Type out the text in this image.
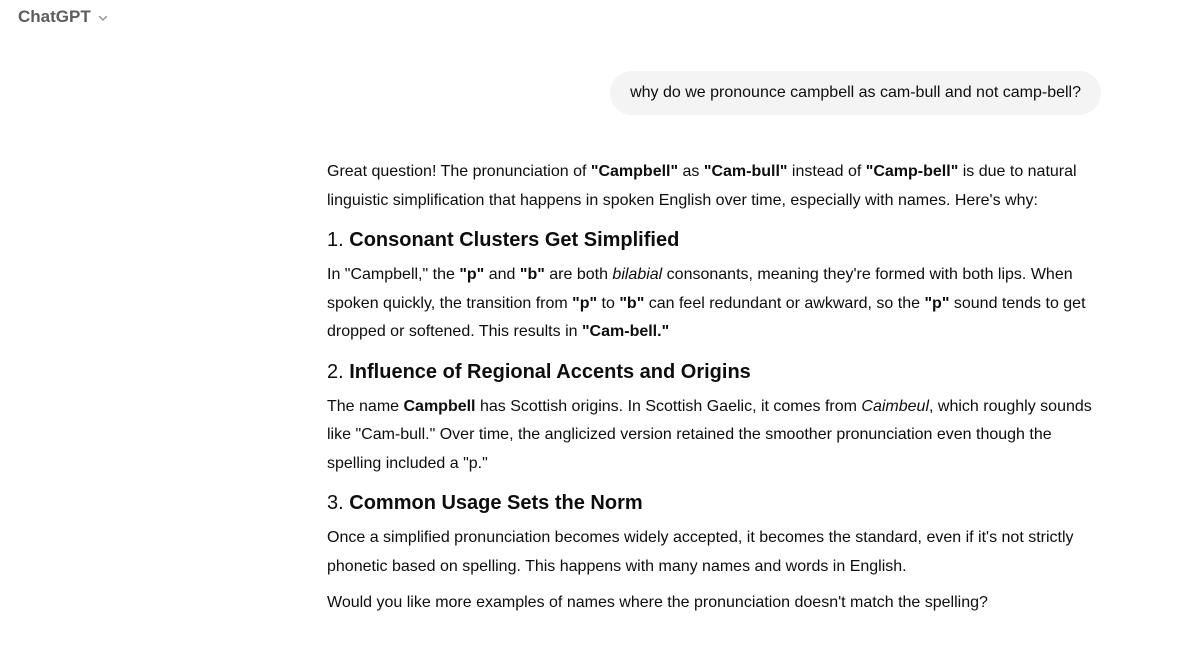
ChatGPT
why do we pronounce campbell as cam-bull and not camp-bell?

Great question! The pronunciation of "Campbell" as "Cam-bull" instead of "Camp-bell" is due to natural linguistic simplification that happens in spoken English over time, especially with names. Here's why:

1. Consonant Clusters Get Simplified

In "Campbell," the "p" and "b" are both bilabial consonants, meaning they're formed with both lips. When spoken quickly, the transition from "p" to "b" can feel redundant or awkward, so the "p" sound tends to get dropped or softened. This results in "Cam-bell."

2. Influence of Regional Accents and Origins

The name Campbell has Scottish origins. In Scottish Gaelic, it comes from Caimbeul, which roughly sounds like "Cam-bull." Over time, the anglicized version retained the smoother pronunciation even though the spelling included a "p."

3. Common Usage Sets the Norm

Once a simplified pronunciation becomes widely accepted, it becomes the standard, even if it's not strictly phonetic based on spelling. This happens with many names and words in English.

Would you like more examples of names where the pronunciation doesn't match the spelling?
